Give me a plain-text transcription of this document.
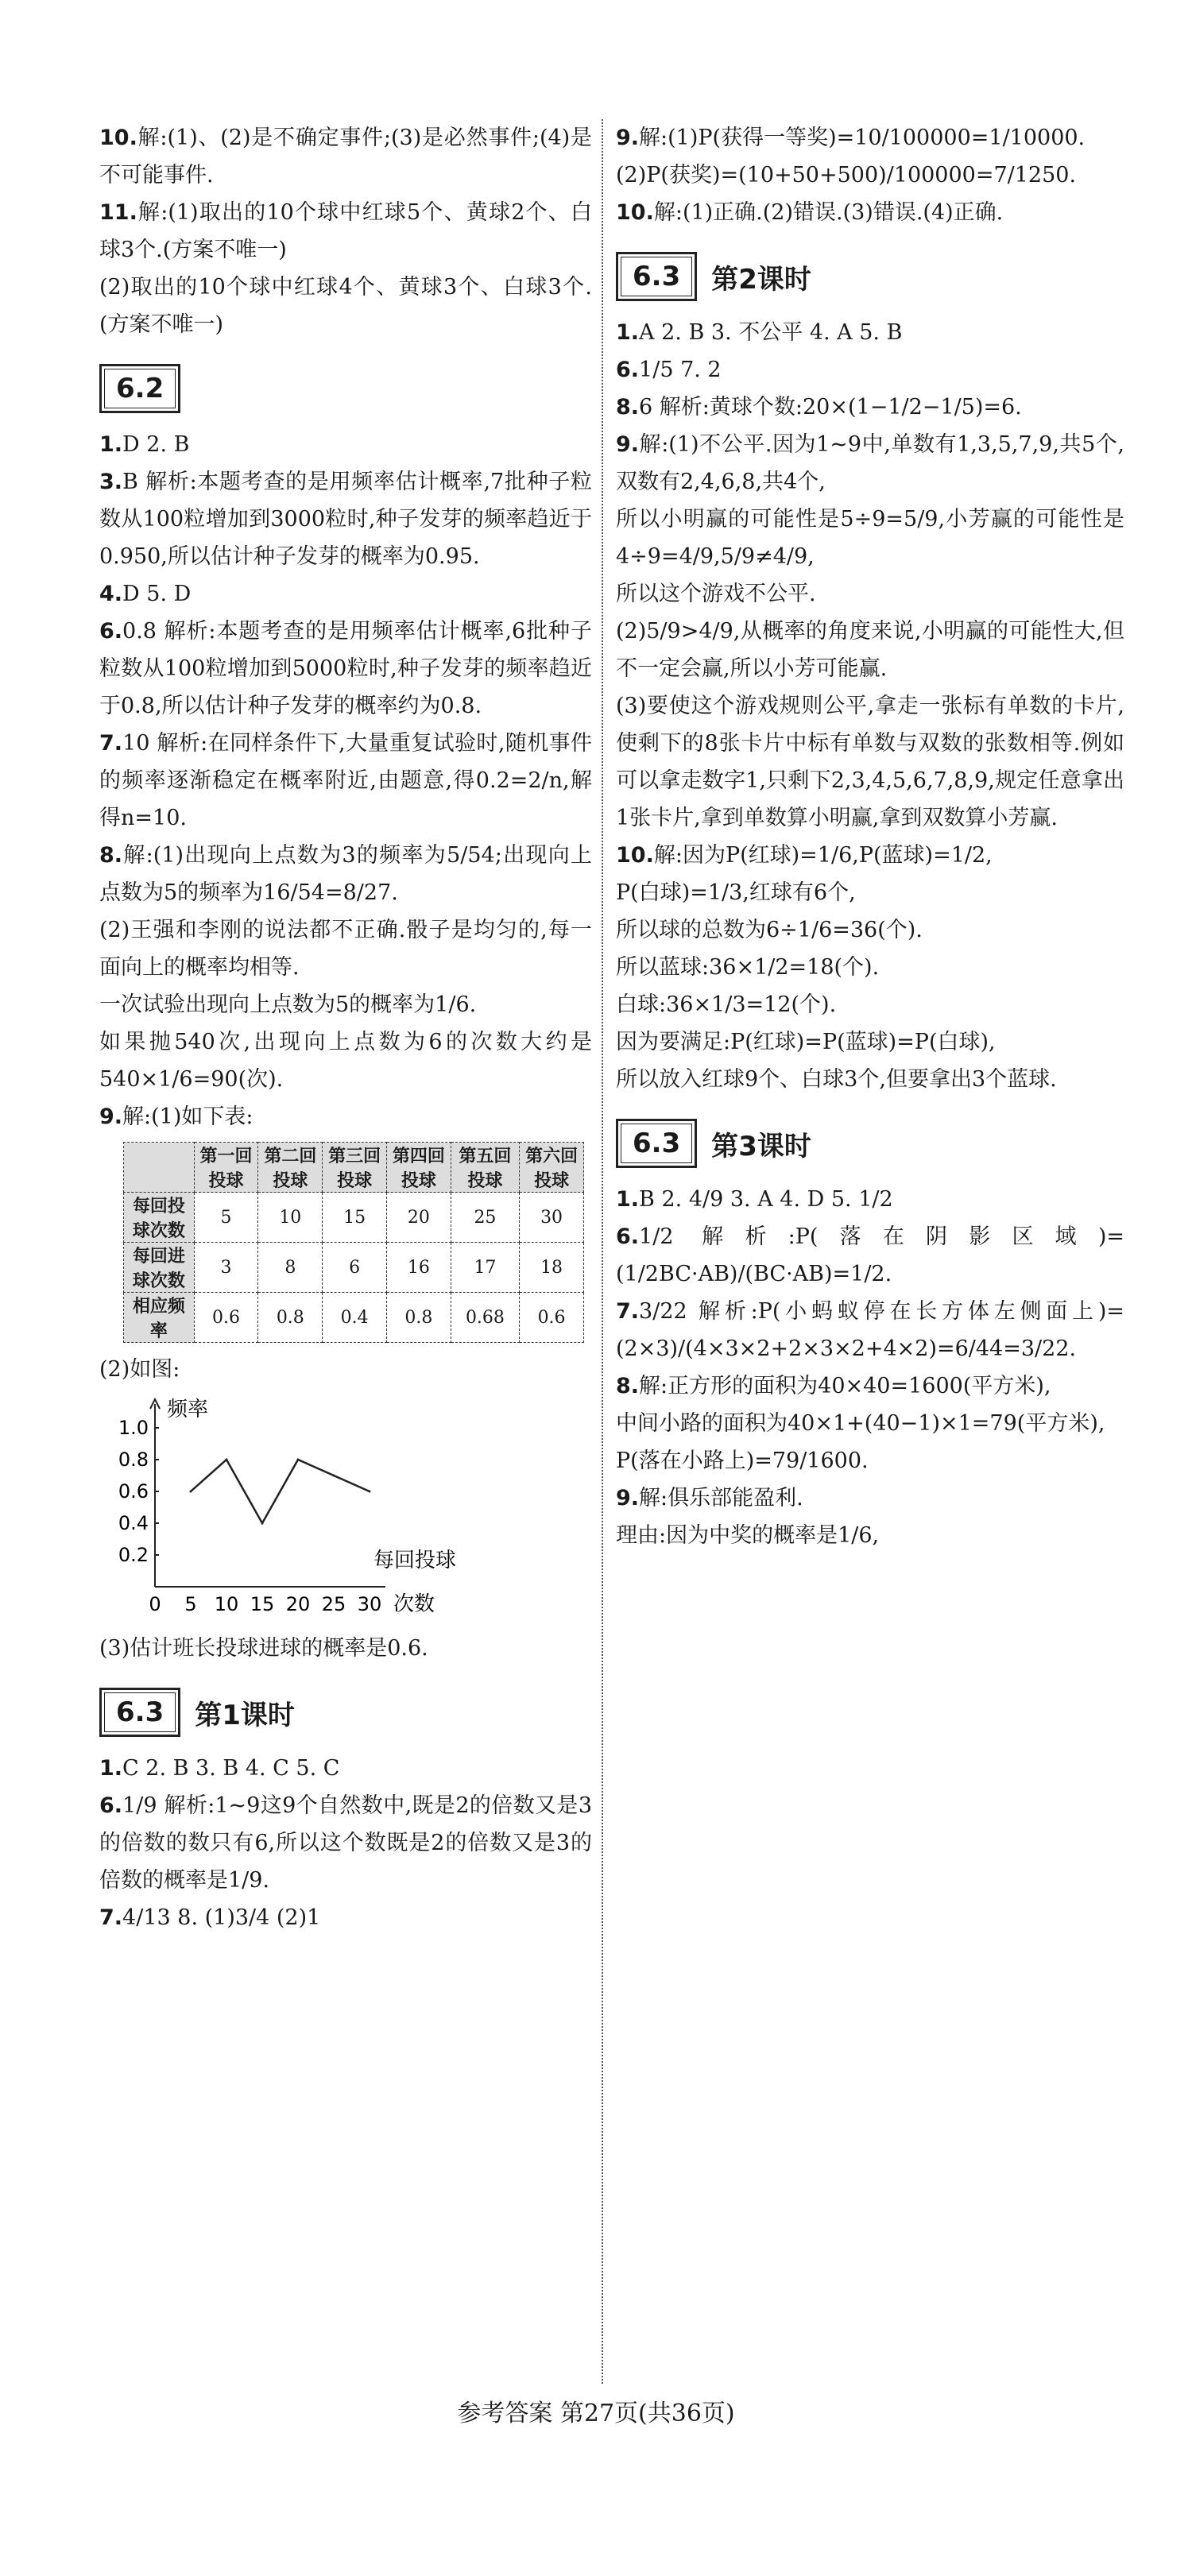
10.解:(1)、(2)是不确定事件;(3)是必然事件;(4)是不可能事件.

11.解:(1)取出的10个球中红球5个、黄球2个、白球3个.(方案不唯一)

(2)取出的10个球中红球4个、黄球3个、白球3个.(方案不唯一)

6.2

1.D 2. B

3.B 解析:本题考查的是用频率估计概率,7批种子粒数从100粒增加到3000粒时,种子发芽的频率趋近于0.950,所以估计种子发芽的概率为0.95.

4.D 5. D

6.0.8 解析:本题考查的是用频率估计概率,6批种子粒数从100粒增加到5000粒时,种子发芽的频率趋近于0.8,所以估计种子发芽的概率约为0.8.

7.10 解析:在同样条件下,大量重复试验时,随机事件的频率逐渐稳定在概率附近,由题意,得0.2=2/n,解得n=10.

8.解:(1)出现向上点数为3的频率为5/54;出现向上点数为5的频率为16/54=8/27.

(2)王强和李刚的说法都不正确.骰子是均匀的,每一面向上的概率均相等.

一次试验出现向上点数为5的概率为1/6.

如果抛540次,出现向上点数为6的次数大约是540×1/6=90(次).

9.解:(1)如下表:

	第一回投球	第二回投球	第三回投球	第四回投球	第五回投球	第六回投球
每回投球次数	5	10	15	20	25	30
每回进球次数	3	8	6	16	17	18
相应频率	0.6	0.8	0.4	0.8	0.68	0.6

(2)如图:

0 5 10 15 20 25 30
0.2
0.4
0.6
0.8
1.0
频率
每回投球
次数

(3)估计班长投球进球的概率是0.6.

6.3	第1课时

1.C 2. B 3. B 4. C 5. C

6.1/9 解析:1~9这9个自然数中,既是2的倍数又是3的倍数的数只有6,所以这个数既是2的倍数又是3的倍数的概率是1/9.

7.4/13 8. (1)3/4 (2)1

9.解:(1)P(获得一等奖)=10/100000=1/10000.

(2)P(获奖)=(10+50+500)/100000=7/1250.

10.解:(1)正确.(2)错误.(3)错误.(4)正确.

6.3	第2课时

1.A 2. B 3. 不公平 4. A 5. B

6.1/5 7. 2

8.6 解析:黄球个数:20×(1−1/2−1/5)=6.

9.解:(1)不公平.因为1~9中,单数有1,3,5,7,9,共5个,双数有2,4,6,8,共4个,

所以小明赢的可能性是5÷9=5/9,小芳赢的可能性是4÷9=4/9,5/9≠4/9,

所以这个游戏不公平.

(2)5/9>4/9,从概率的角度来说,小明赢的可能性大,但不一定会赢,所以小芳可能赢.

(3)要使这个游戏规则公平,拿走一张标有单数的卡片,使剩下的8张卡片中标有单数与双数的张数相等.例如可以拿走数字1,只剩下2,3,4,5,6,7,8,9,规定任意拿出1张卡片,拿到单数算小明赢,拿到双数算小芳赢.

10.解:因为P(红球)=1/6,P(蓝球)=1/2,

P(白球)=1/3,红球有6个,

所以球的总数为6÷1/6=36(个).

所以蓝球:36×1/2=18(个).

白球:36×1/3=12(个).

因为要满足:P(红球)=P(蓝球)=P(白球),

所以放入红球9个、白球3个,但要拿出3个蓝球.

6.3	第3课时

1.B 2. 4/9 3. A 4. D 5. 1/2

6.1/2 解析:P(落在阴影区域)=(1/2BC·AB)/(BC·AB)=1/2.

7.3/22 解析:P(小蚂蚁停在长方体左侧面上)=(2×3)/(4×3×2+2×3×2+4×2)=6/44=3/22.

8.解:正方形的面积为40×40=1600(平方米),

中间小路的面积为40×1+(40−1)×1=79(平方米),

P(落在小路上)=79/1600.

9.解:俱乐部能盈利.

理由:因为中奖的概率是1/6,

参考答案 第27页(共36页)
